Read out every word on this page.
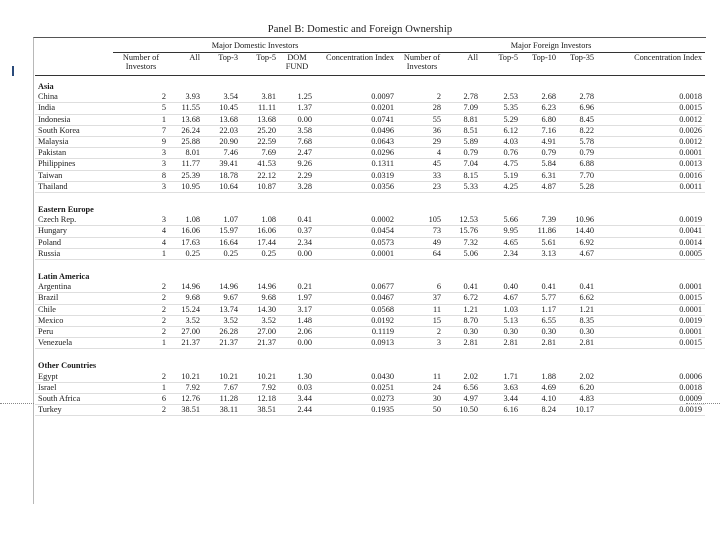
Panel B: Domestic and Foreign Ownership
	Major Domestic Investors						Major Foreign Investors					
	Number of Investors	All	Top-3	Top-5	DOM FUND	Concentration Index	Number of Investors	All	Top-5	Top-10	Top-35	Concentration Index
Asia												
China	2	3.93	3.54	3.81	1.25	0.0097	2	2.78	2.53	2.68	2.78	0.0018
India	5	11.55	10.45	11.11	1.37	0.0201	28	7.09	5.35	6.23	6.96	0.0015
Indonesia	1	13.68	13.68	13.68	0.00	0.0741	55	8.81	5.29	6.80	8.45	0.0012
South Korea	7	26.24	22.03	25.20	3.58	0.0496	36	8.51	6.12	7.16	8.22	0.0026
Malaysia	9	25.88	20.90	22.59	7.68	0.0643	29	5.89	4.03	4.91	5.78	0.0012
Pakistan	3	8.01	7.46	7.69	2.47	0.0296	4	0.79	0.76	0.79	0.79	0.0001
Philippines	3	11.77	39.41	41.53	9.26	0.1311	45	7.04	4.75	5.84	6.88	0.0013
Taiwan	8	25.39	18.78	22.12	2.29	0.0319	33	8.15	5.19	6.31	7.70	0.0016
Thailand	3	10.95	10.64	10.87	3.28	0.0356	23	5.33	4.25	4.87	5.28	0.0011

Eastern Europe												
Czech Rep.	3	1.08	1.07	1.08	0.41	0.0002	105	12.53	5.66	7.39	10.96	0.0019
Hungary	4	16.06	15.97	16.06	0.37	0.0454	73	15.76	9.95	11.86	14.40	0.0041
Poland	4	17.63	16.64	17.44	2.34	0.0573	49	7.32	4.65	5.61	6.92	0.0014
Russia	1	0.25	0.25	0.25	0.00	0.0001	64	5.06	2.34	3.13	4.67	0.0005

Latin America												
Argentina	2	14.96	14.96	14.96	0.21	0.0677	6	0.41	0.40	0.41	0.41	0.0001
Brazil	2	9.68	9.67	9.68	1.97	0.0467	37	6.72	4.67	5.77	6.62	0.0015
Chile	2	15.24	13.74	14.30	3.17	0.0568	11	1.21	1.03	1.17	1.21	0.0001
Mexico	2	3.52	3.52	3.52	1.48	0.0192	15	8.70	5.13	6.55	8.35	0.0019
Peru	2	27.00	26.28	27.00	2.06	0.1119	2	0.30	0.30	0.30	0.30	0.0001
Venezuela	1	21.37	21.37	21.37	0.00	0.0913	3	2.81	2.81	2.81	2.81	0.0015

Other Countries												
Egypt	2	10.21	10.21	10.21	1.30	0.0430	11	2.02	1.71	1.88	2.02	0.0006
Israel	1	7.92	7.67	7.92	0.03	0.0251	24	6.56	3.63	4.69	6.20	0.0018
South Africa	6	12.76	11.28	12.18	3.44	0.0273	30	4.97	3.44	4.10	4.83	0.0009
Turkey	2	38.51	38.11	38.51	2.44	0.1935	50	10.50	6.16	8.24	10.17	0.0019
